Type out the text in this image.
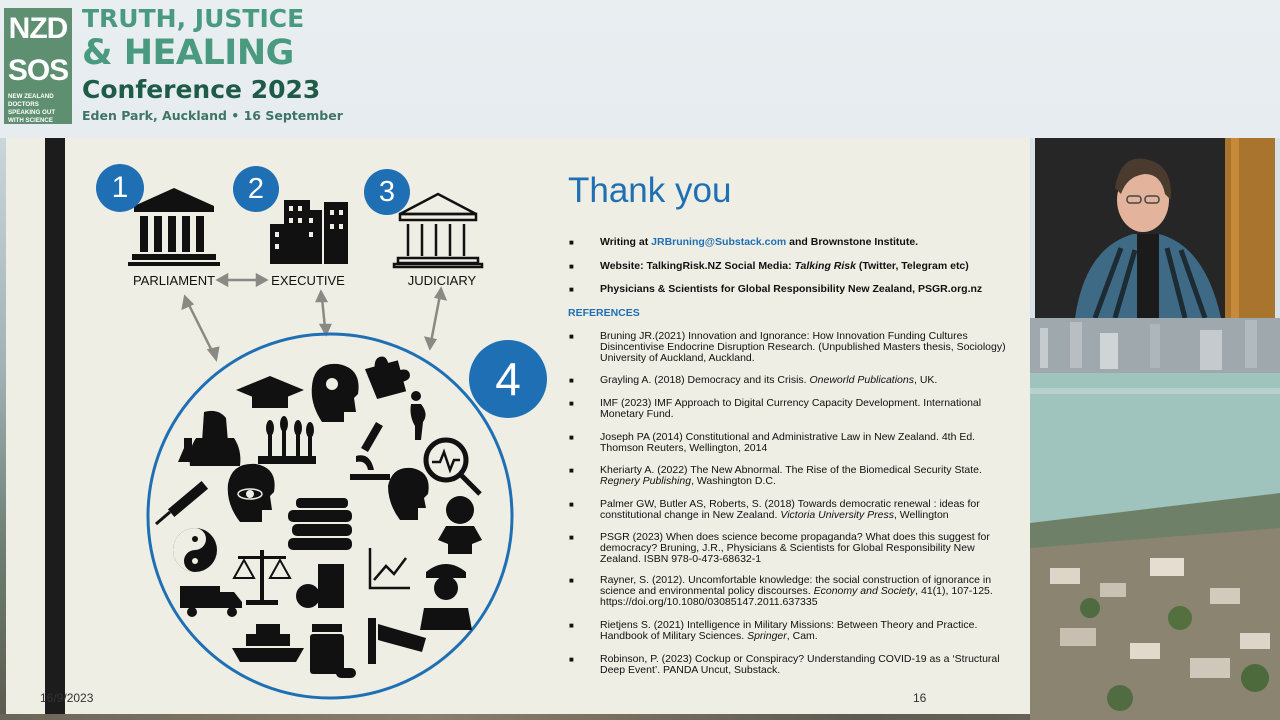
NZD
SOS
NEW ZEALAND DOCTORS SPEAKING OUT WITH SCIENCE
TRUTH, JUSTICE
& HEALING
Conference 2023
Eden Park, Auckland • 16 September
1	2	3
4
PARLIAMENT	EXECUTIVE	JUDICIARY
Thank you
■	Writing at JRBruning@Substack.com and Brownstone Institute.
■	Website: TalkingRisk.NZ Social Media: Talking Risk (Twitter, Telegram etc)
■	Physicians & Scientists for Global Responsibility New Zealand, PSGR.org.nz
REFERENCES
■	Bruning JR.(2021) Innovation and Ignorance: How Innovation Funding Cultures Disincentivise Endocrine Disruption Research. (Unpublished Masters thesis, Sociology) University of Auckland, Auckland.
■	Grayling A. (2018) Democracy and its Crisis. Oneworld Publications, UK.
■	IMF (2023) IMF Approach to Digital Currency Capacity Development. International Monetary Fund.
■	Joseph PA (2014) Constitutional and Administrative Law in New Zealand. 4th Ed. Thomson Reuters, Wellington, 2014
■	Kheriarty A. (2022) The New Abnormal. The Rise of the Biomedical Security State. Regnery Publishing, Washington D.C.
■	Palmer GW, Butler AS, Roberts, S. (2018) Towards democratic renewal : ideas for constitutional change in New Zealand. Victoria University Press, Wellington
■	PSGR (2023) When does science become propaganda? What does this suggest for democracy? Bruning, J.R., Physicians & Scientists for Global Responsibility New Zealand. ISBN 978-0-473-68632-1
■	Rayner, S. (2012). Uncomfortable knowledge: the social construction of ignorance in science and environmental policy discourses. Economy and Society, 41(1), 107-125. https://doi.org/10.1080/03085147.2011.637335
■	Rietjens S. (2021) Intelligence in Military Missions: Between Theory and Practice. Handbook of Military Sciences. Springer, Cam.
■	Robinson, P. (2023) Cockup or Conspiracy? Understanding COVID-19 as a ‘Structural Deep Event’. PANDA Uncut, Substack.
16/9/2023	16
